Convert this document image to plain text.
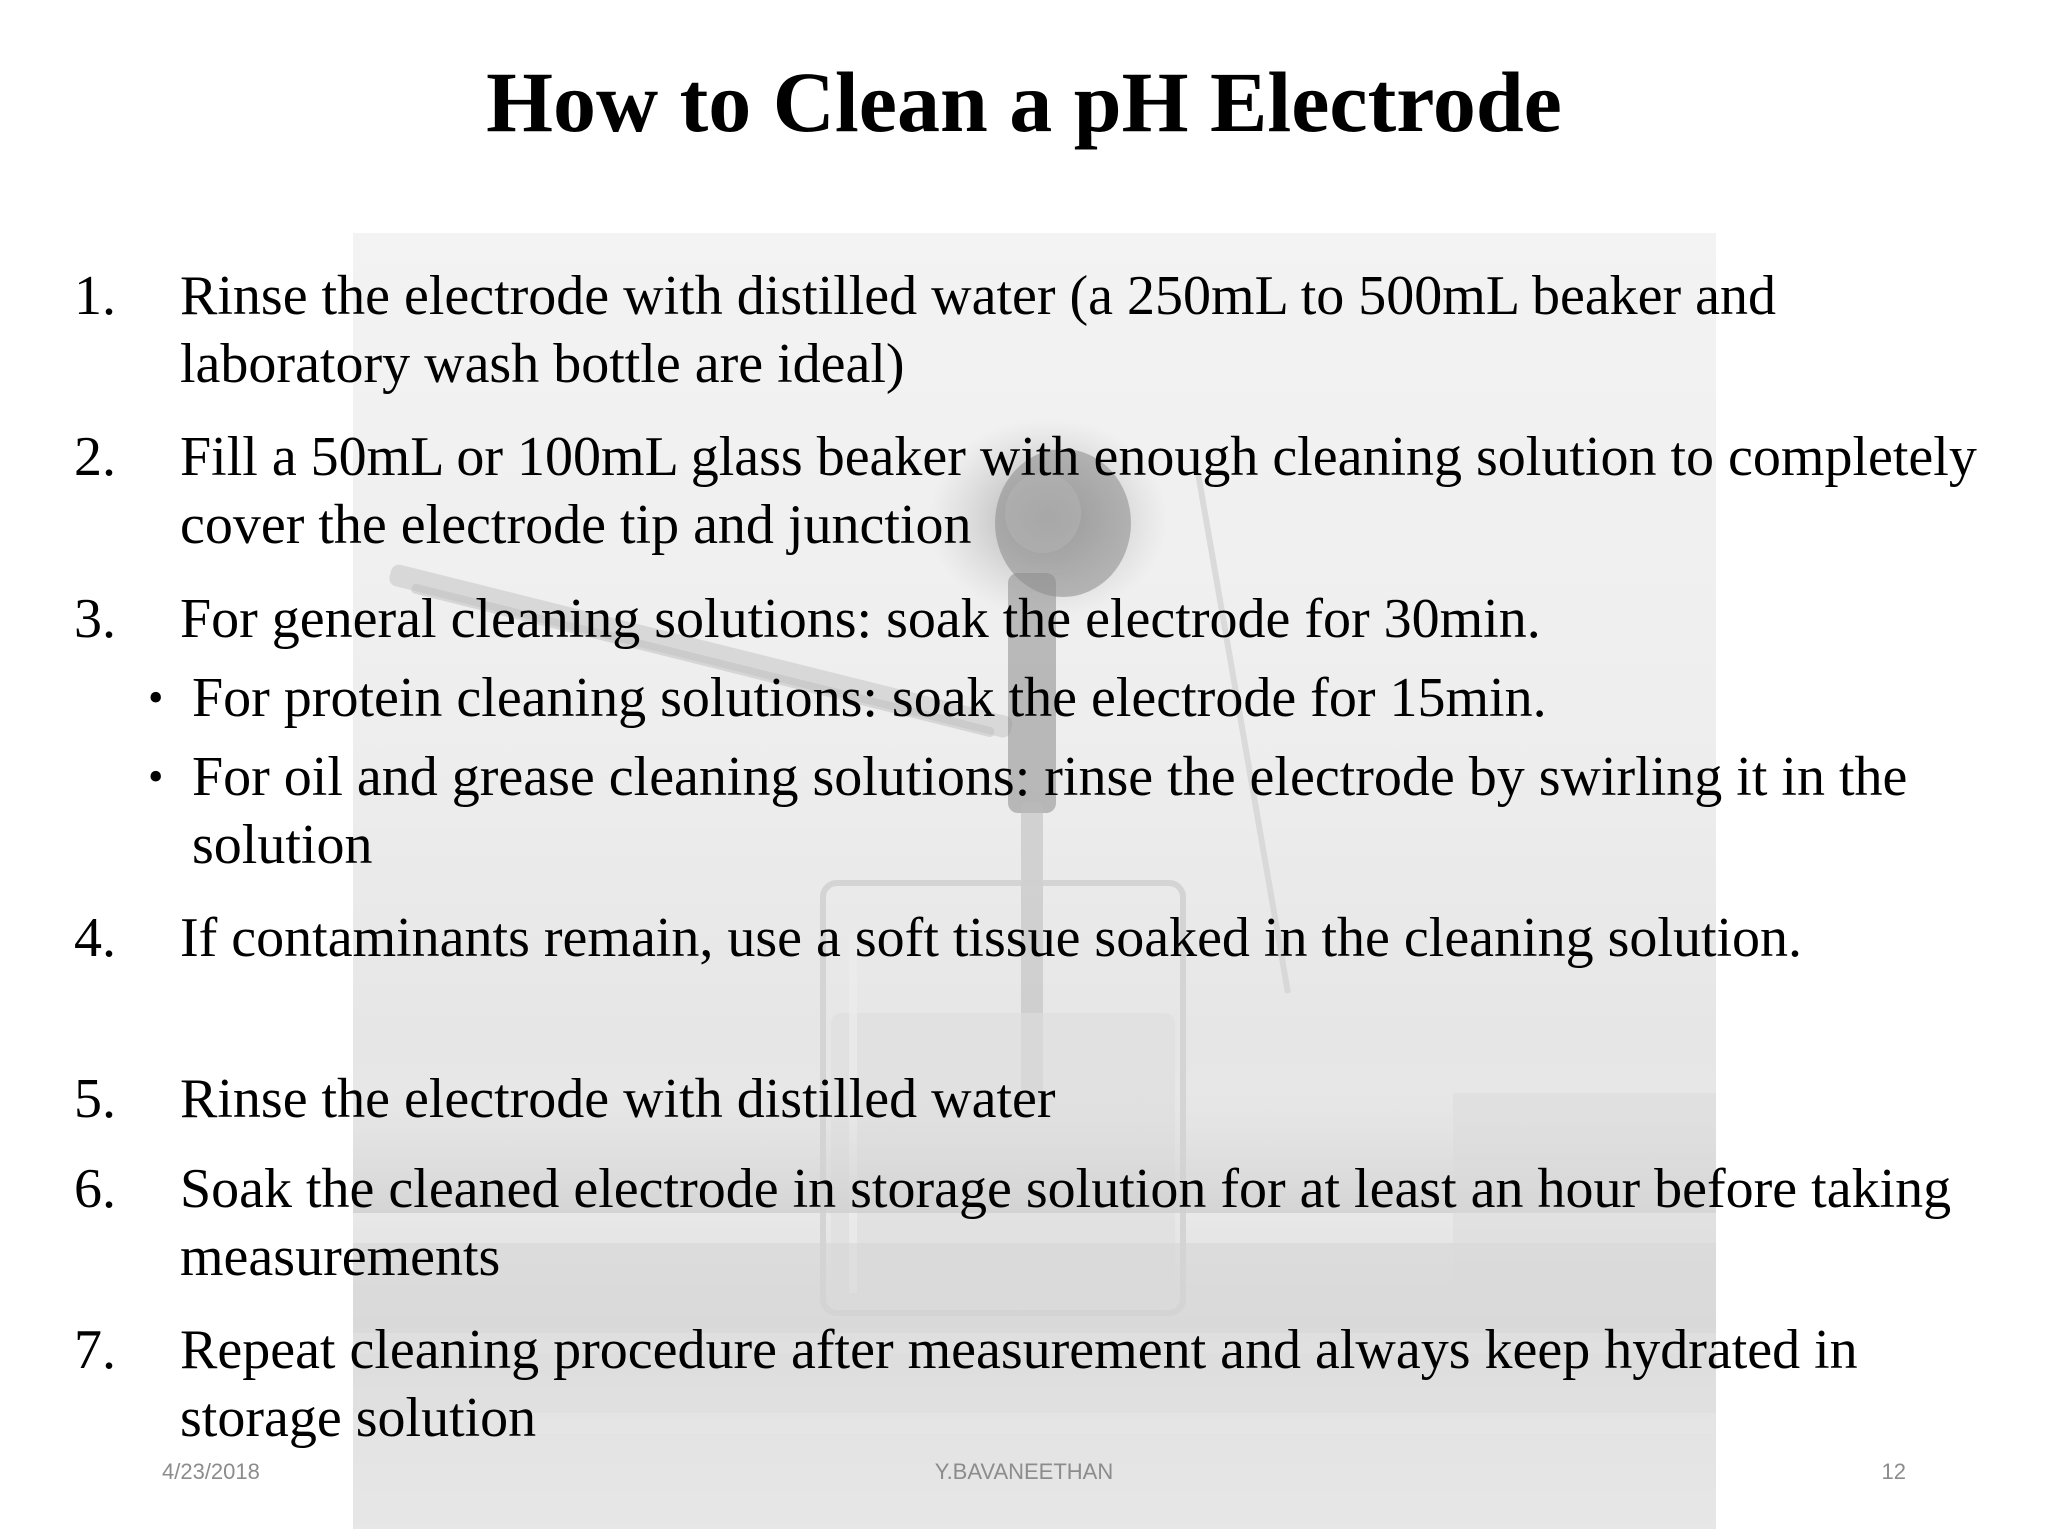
How to Clean a pH Electrode
1.	Rinse the electrode with distilled water (a 250mL to 500mL beaker and laboratory wash bottle are ideal)
2.	Fill a 50mL or 100mL glass beaker with enough cleaning solution to completely cover the electrode tip and junction
3.	For general cleaning solutions: soak the electrode for 30min.
• For protein cleaning solutions: soak the electrode for 15min.
• For oil and grease cleaning solutions: rinse the electrode by swirling it in the solution
4.	If contaminants remain, use a soft tissue soaked in the cleaning solution.
5.	Rinse the electrode with distilled water
6.	Soak the cleaned electrode in storage solution for at least an hour before taking measurements
7.	Repeat cleaning procedure after measurement and always keep hydrated in storage solution
4/23/2018	Y.BAVANEETHAN	12
